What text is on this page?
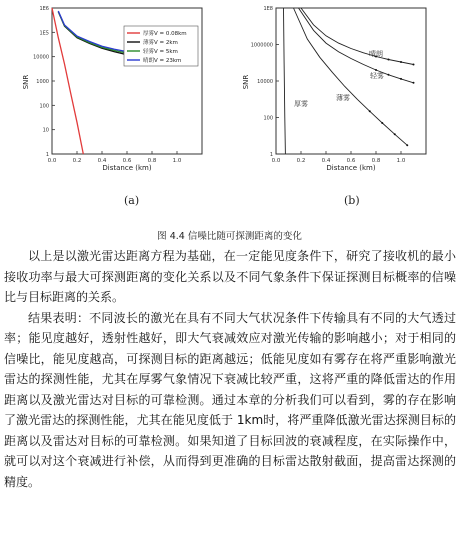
1E6
1E5
10000
1000
100
10
1
0.0	0.2	0.4	0.6	0.8	1.0
厚雾V = 0.08km
薄雾V = 2km
轻雾V = 5km
晴朗V = 23km
Distance (km)
SNR
(a)
1E8
1000000
10000
100
1
0.0	0.2	0.4	0.6	0.8	1.0
晴朗
轻雾
薄雾
厚雾
Distance (km)
SNR
(b)
图 4.4 信噪比随可探测距离的变化

以上是以激光雷达距离方程为基础，在一定能见度条件下，研究了接收机的最小接收功率与最大可探测距离的变化关系以及不同气象条件下保证探测目标概率的信噪比与目标距离的关系。

结果表明：不同波长的激光在具有不同大气状况条件下传输具有不同的大气透过率；能见度越好，透射性越好，即大气衰减效应对激光传输的影响越小；对于相同的信噪比，能见度越高，可探测目标的距离越远；低能见度如有雾存在将严重影响激光雷达的探测性能，尤其在厚雾气象情况下衰减比较严重，这将严重的降低雷达的作用距离以及激光雷达对目标的可靠检测。通过本章的分析我们可以看到，雾的存在影响了激光雷达的探测性能，尤其在能见度低于 1km时，将严重降低激光雷达探测目标的距离以及雷达对目标的可靠检测。如果知道了目标回波的衰减程度，在实际操作中，就可以对这个衰减进行补偿，从而得到更准确的目标雷达散射截面，提高雷达探测的精度。
